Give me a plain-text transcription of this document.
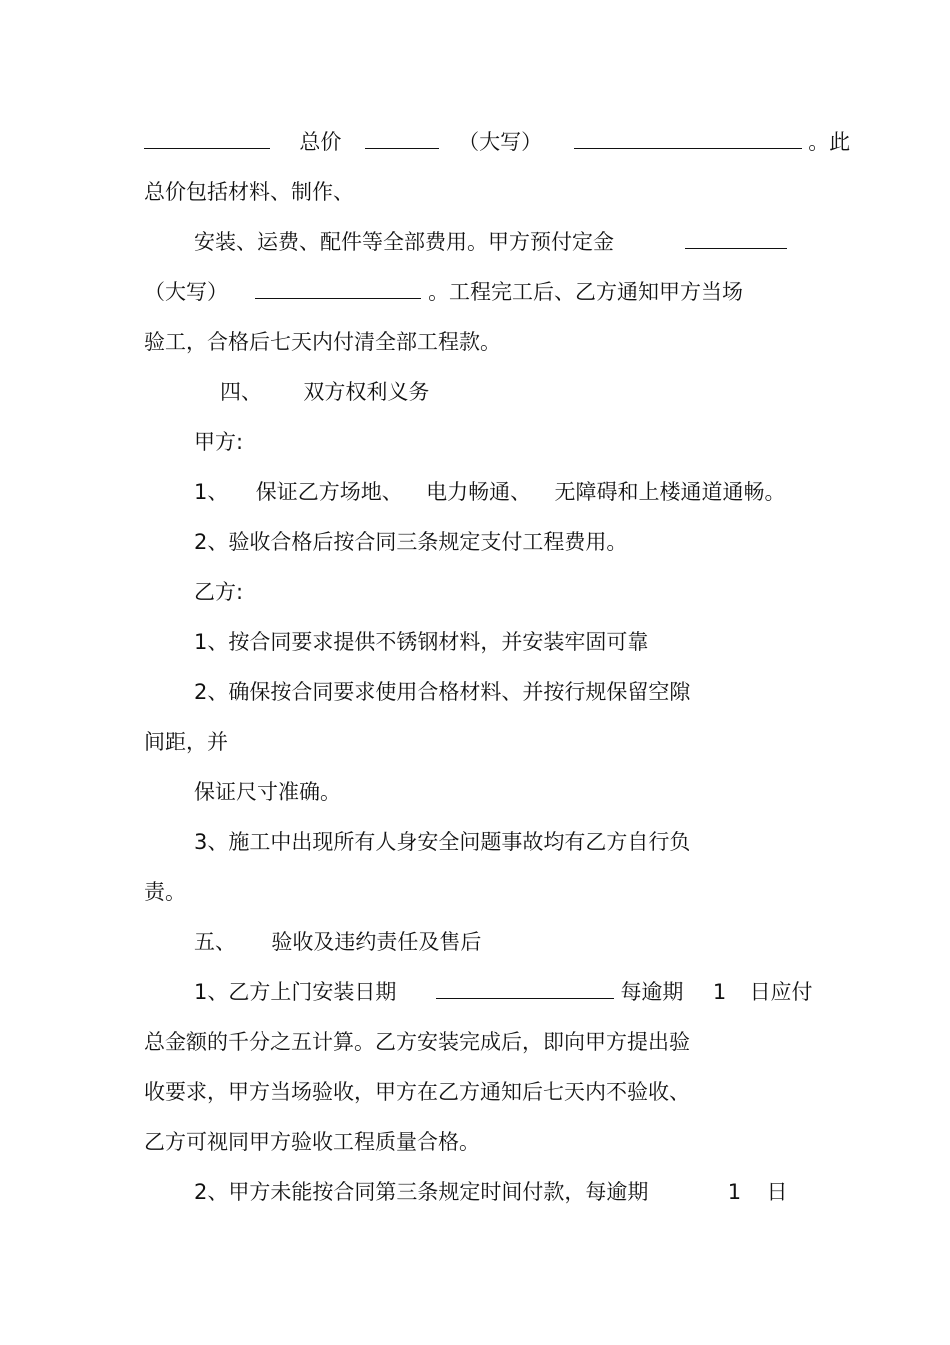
总价	（大写）	。此
总价包括材料、制作、
安装、运费、配件等全部费用。甲方预付定金
（大写）	。工程完工后、乙方通知甲方当场
验工，合格后七天内付清全部工程款。
四、 双方权利义务
甲方:
1、 保证乙方场地、 电力畅通、 无障碍和上楼通道通畅。
2、验收合格后按合同三条规定支付工程费用。
乙方:
1、按合同要求提供不锈钢材料，并安装牢固可靠
2、确保按合同要求使用合格材料、并按行规保留空隙
间距，并
保证尺寸准确。
3、施工中出现所有人身安全问题事故均有乙方自行负
责。
五、 验收及违约责任及售后
1、乙方上门安装日期	每逾期 1 日应付
总金额的千分之五计算。乙方安装完成后，即向甲方提出验
收要求，甲方当场验收，甲方在乙方通知后七天内不验收、
乙方可视同甲方验收工程质量合格。
2、甲方未能按合同第三条规定时间付款，每逾期	1 日
